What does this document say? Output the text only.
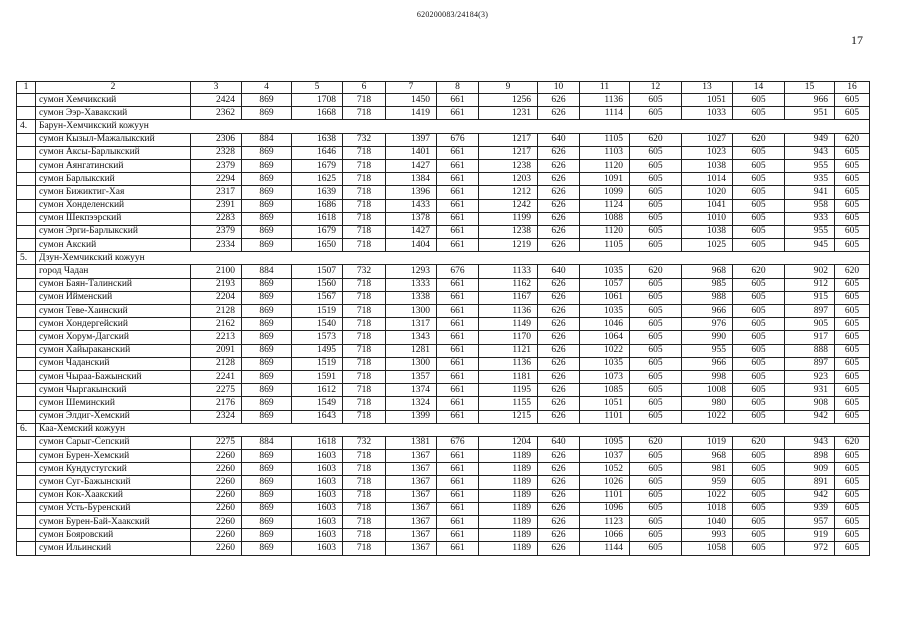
620200083/24184(3)
17
1	2	3	4	5	6	7	8	9	10	11	12	13	14	15	16
	сумон Хемчикский	2424	869	1708	718	1450	661	1256	626	1136	605	1051	605	966	605
	сумон Ээр-Хавакский	2362	869	1668	718	1419	661	1231	626	1114	605	1033	605	951	605
4.	Барун-Хемчикский кожуун														
	сумон Кызыл-Мажалыкский	2306	884	1638	732	1397	676	1217	640	1105	620	1027	620	949	620
	сумон Аксы-Барлыкский	2328	869	1646	718	1401	661	1217	626	1103	605	1023	605	943	605
	сумон Аянгатинский	2379	869	1679	718	1427	661	1238	626	1120	605	1038	605	955	605
	сумон Барлыкский	2294	869	1625	718	1384	661	1203	626	1091	605	1014	605	935	605
	сумон Бижиктиг-Хая	2317	869	1639	718	1396	661	1212	626	1099	605	1020	605	941	605
	сумон Хонделенский	2391	869	1686	718	1433	661	1242	626	1124	605	1041	605	958	605
	сумон Шекпээрский	2283	869	1618	718	1378	661	1199	626	1088	605	1010	605	933	605
	сумон Эрги-Барлыкский	2379	869	1679	718	1427	661	1238	626	1120	605	1038	605	955	605
	сумон Акский	2334	869	1650	718	1404	661	1219	626	1105	605	1025	605	945	605
5.	Дзун-Хемчикский кожуун														
	город Чадан	2100	884	1507	732	1293	676	1133	640	1035	620	968	620	902	620
	сумон Баян-Талинский	2193	869	1560	718	1333	661	1162	626	1057	605	985	605	912	605
	сумон Ийменский	2204	869	1567	718	1338	661	1167	626	1061	605	988	605	915	605
	сумон Теве-Хаинский	2128	869	1519	718	1300	661	1136	626	1035	605	966	605	897	605
	сумон Хондергейский	2162	869	1540	718	1317	661	1149	626	1046	605	976	605	905	605
	сумон Хорум-Дагский	2213	869	1573	718	1343	661	1170	626	1064	605	990	605	917	605
	сумон Хайыраканский	2091	869	1495	718	1281	661	1121	626	1022	605	955	605	888	605
	сумон Чаданский	2128	869	1519	718	1300	661	1136	626	1035	605	966	605	897	605
	сумон Чыраа-Бажынский	2241	869	1591	718	1357	661	1181	626	1073	605	998	605	923	605
	сумон Чыргакынский	2275	869	1612	718	1374	661	1195	626	1085	605	1008	605	931	605
	сумон Шеминский	2176	869	1549	718	1324	661	1155	626	1051	605	980	605	908	605
	сумон Элдиг-Хемский	2324	869	1643	718	1399	661	1215	626	1101	605	1022	605	942	605
6.	Каа-Хемский кожуун														
	сумон Сарыг-Сепский	2275	884	1618	732	1381	676	1204	640	1095	620	1019	620	943	620
	сумон Бурен-Хемский	2260	869	1603	718	1367	661	1189	626	1037	605	968	605	898	605
	сумон Кундустугский	2260	869	1603	718	1367	661	1189	626	1052	605	981	605	909	605
	сумон Суг-Бажынский	2260	869	1603	718	1367	661	1189	626	1026	605	959	605	891	605
	сумон Кок-Хаакский	2260	869	1603	718	1367	661	1189	626	1101	605	1022	605	942	605
	сумон Усть-Буренский	2260	869	1603	718	1367	661	1189	626	1096	605	1018	605	939	605
	сумон Бурен-Бай-Хаакский	2260	869	1603	718	1367	661	1189	626	1123	605	1040	605	957	605
	сумон Бояровский	2260	869	1603	718	1367	661	1189	626	1066	605	993	605	919	605
	сумон Ильинский	2260	869	1603	718	1367	661	1189	626	1144	605	1058	605	972	605
